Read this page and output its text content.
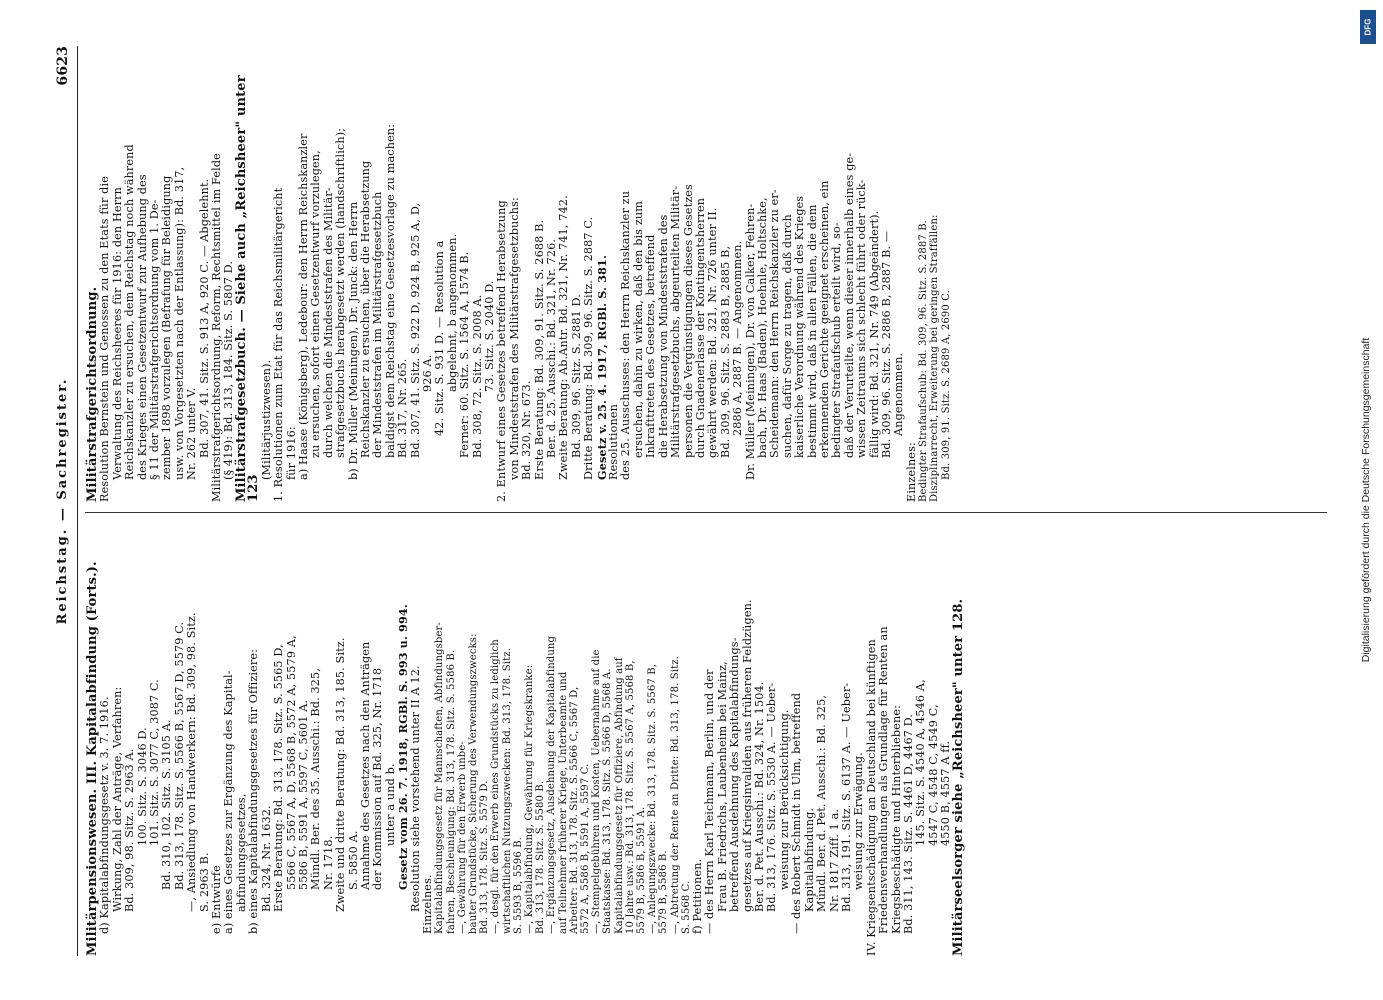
Reichstag. — Sachregister.
6623
Militärpensionswesen. III. Kapitalabfindung (Forts.).
d) Kapitalabfindungsgesetz v. 3. 7. 1916. Wirkung, Zahl der Anträge, Verfahren: Bd. 309, 98. Sitz. S. 2963 A. 100. Sitz. S. 3046 D. 101. Sitz. S. 3077 C, 3087 C. Bd. 310, 102. Sitz. S. 3105 A. Bd. 313, 178. Sitz. S. 5566 B, 5567 D, 5579 C. —, Ansiedlung von Handwerkern: Bd. 309, 98. Sitz. S. 2963 B. e) Entwürfe a) eines Gesetzes zur Ergänzung des Kapital- abfindungsgesetzes, b) eines Kapitalabfindungsgesetzes für Offiziere: Bd. 324, Nr. 1632. Erste Beratung: Bd. 313, 178. Sitz. S. 5565 D, 5566 C, 5567 A, D, 5568 B, 5572 A, 5579 A, 5586 B, 5591 A, 5597 C, 5601 A. Mündl. Ber. des 35. Ausschi.: Bd. 325, Nr. 1718. Zweite und dritte Beratung: Bd. 313, 185. Sitz. S. 5850 A. Annahme des Gesetzes nach den Anträgen der Kommission auf Bd. 325, Nr. 1718 unter a und b. Gesetz vom 26. 7. 1918, RGBl. S. 993 u. 994.
Resolution siehe vorstehend unter II A 12. Einzelnes. Kapitalabfindungsgesetz für Mannschaften, Abfindungsber- fahren, Beschleunigung: Bd. 313, 178. Sitz. S. 5586 B. —, Gewährung für den Erwerb unbe- bauter Grundstücke, Sicherung des Verwendungszwecks: Bd. 313, 178. Sitz. S. 5579 D. —, desgl. für den Erwerb eines Grundstücks zu lediglich wirtschaftlichen Nutzungszwecken: Bd. 313, 178. Sitz. S. 5593 B, 5596 B. —, Kapitalabfindung, Gewährung für Kriegskranke: Bd. 313, 178. Sitz. S. 5580 B. —, Ergänzungsgesetz, Ausdehnung der Kapitalabfindung auf Teilnehmer früherer Kriege, Unterbeamte und Arbeiter: Bd. 313, 178. Sitz. S. 5566 C, 5567 D, 5572 A, 5586 B, 5591 A, 5597 C. —, Stempelgebühren und Kosten, Uebernahme auf die Staatskasse: Bd. 313, 178. Sitz. S. 5566 D, 5568 A. Kapitalabfindungsgesetz für Offiziere, Abfindung auf 10 Jahre usw.: Bd. 313, 178. Sitz. S. 5567 A, 5568 B, 5579 B, 5586 B, 5591 A. —, Anlegungszwecke: Bd. 313, 178. Sitz. S. 5567 B, 5579 B, 5586 B. —, Abtretung der Rente an Dritte: Bd. 313, 178. Sitz. S. 5568 C. f) Petitionen. — des Herrn Karl Teichmann, Berlin, und der Frau B. Friedrichs, Laubenheim bei Mainz, betreffend Ausdehnung des Kapitalabfindungs- gesetzes auf Kriegsinvaliden aus früheren Feldzügen. Ber. d. Pet. Ausschi.: Bd. 324, Nr. 1504. Bd. 313, 176. Sitz. S. 5530 A. — Ueber- weisung zur Berücksichtigung. — des Robert Schmidt in Ulm, betreffend Kapitalabfindung. Mündl. Ber. d. Pet. Ausschi.: Bd. 325, Nr. 1817 Ziff. 1 a. Bd. 313, 191. Sitz. S. 6137 A. — Ueber- weisung zur Erwägung. IV. Kriegsentschädigung an Deutschland bei künftigen Friedensverhandlungen als Grundlage für Renten an Kriegsbeschädigte und Hinterbliebene: Bd. 311, 143. Sitz. S. 4461 D, 4467 D. 145. Sitz. S. 4540 A, 4546 A, 4547 C, 4548 C, 4549 C, 4550 B, 4557 A ff.
Militärseelsorger siehe „Reichsheer" unter 128.
Militärstrafgerichtsordnung.
Resolution Bernstein und Genossen zu den Etats für die Verwaltung des Reichsheeres für 1916: den Herrn Reichskanzler zu ersuchen, dem Reichstag noch während des Krieges einen Gesetzentwurf zur Aufhebung des § 11 der Militärstrafgerichtsordnung vom 1. De- zember 1898 vorzulegen (Befrafung für Beleidigung usw. von Vorgesetzten nach der Entlassung): Bd. 317, Nr. 262 unter V. Bd. 307, 41. Sitz. S. 913 A, 920 C. — Abgelehnt. Militärstrafgerichtsordnung, Reform, Rechtsmittel im Felde (§ 419): Bd. 313, 184. Sitz. S. 5807 D.
Militärstrafgesetzbuch. — Siehe auch „Reichsheer" unter 123
(Militärjustizwesen). 1. Resolutionen zum Etat für das Reichsmilitärgericht für 1916: a) Haase (Königsberg), Ledebour: den Herrn Reichskanzler zu ersuchen, sofort einen Gesetzentwurf vorzulegen, durch welchen die Mindeststrafen des Militär- strafgesetzbuchs herabgesetzt werden (handschriftlich); b) Dr. Müller (Meiningen), Dr. Junck: den Herrn Reichskanzler zu ersuchen, über die Herabsetzung der Mindeststrafen im Militärstrafgesetzbuch baldigst dem Reichstag eine Gesetzesvorlage zu machen: Bd. 317, Nr. 265. Bd. 307, 41. Sitz. S. 922 D, 924 B, 925 A, D, 926 A. 42. Sitz. S. 931 D. — Resolution a abgelehnt, b angenommen. Ferner: 60. Sitz. S. 1564 A, 1574 B. Bd. 308, 72. Sitz. S. 2008 A. 73. Sitz. S. 2040 D. 2. Entwurf eines Gesetzes betreffend Herabsetzung von Mindeststrafen des Militärstrafgesetzbuchs: Bd. 320, Nr. 673. Erste Beratung: Bd. 309, 91. Sitz. S. 2688 B. Ber. d. 25. Ausschi.: Bd. 321, Nr. 726. Zweite Beratung: Ab.Antr. Bd. 321, Nr. 741, 742. Bd. 309, 96. Sitz. S. 2881 D. Dritte Beratung: Bd. 309, 96. Sitz. S. 2887 C. Gesetz v. 25. 4. 1917, RGBl. S. 381.
Resolutionen des 25. Ausschusses: den Herrn Reichskanzler zu ersuchen, dahin zu wirken, daß den bis zum Inkrafttreten des Gesetzes, betreffend die Herabsetzung von Mindeststrafen des Militärstrafgesetzbuchs, abgeurteilten Militär- personen die Vergünstigungen dieses Gesetzes durch Gnadenerlasse der Kontingentsherren gewährt werden: Bd. 321, Nr. 726 unter II. Bd. 309, 96. Sitz. S. 2883 B, 2885 B, 2886 A, 2887 B. — Angenommen. Dr. Müller (Meiningen), Dr. von Calker, Fehren- bach, Dr. Haas (Baden), Hoehnle, Holtschke, Scheidemann: den Herrn Reichskanzler zu er- suchen, dafür Sorge zu tragen, daß durch kaiserliche Verordnung während des Krieges bestimmt wird, daß in allen Fällen, die dem erkennenden Gerichte geeignet erscheinen, ein bedingter Strafaufschub erteilt wird, so- daß der Verurteilte, wenn dieser innerhalb eines ge- wissen Zeitraums sich schlecht führt oder rück- fällig wird: Bd. 321, Nr. 749 (Abgeändert). Bd. 309, 96. Sitz. S. 2886 B, 2887 B. — Angenommen.
Einzelnes: Bedingter Strafaufschub: Bd. 309, 96. Sitz. S. 2887 B. Disziplinarrecht, Erweiterung bei geringen Straffällen: Bd. 309, 91. Sitz. S. 2689 A, 2690 C.	Digitalisierung gefördert durch die Deutsche Forschungsgemeinschaft
DFG
